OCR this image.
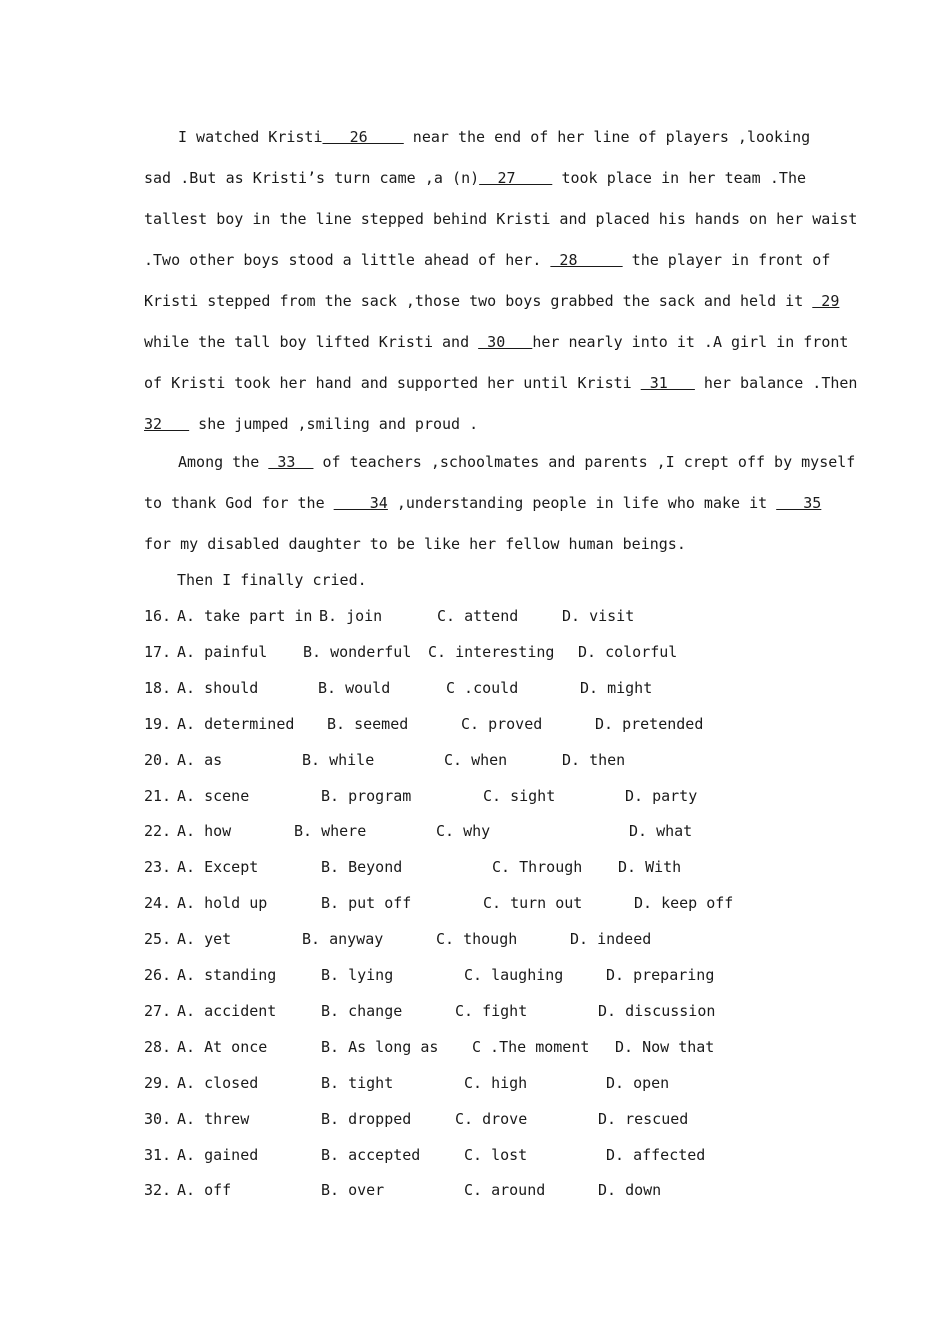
I watched Kristi   26     near the end of her line of players ,looking
sad .But as Kristi’s turn came ,a (n)  27     took place in her team .The
tallest boy in the line stepped behind Kristi and placed his hands on her waist
.Two other boys stood a little ahead of her.  28      the player in front of
Kristi stepped from the sack ,those two boys grabbed the sack and held it  29
while the tall boy lifted Kristi and  30   her nearly into it .A girl in front
of Kristi took her hand and supported her until Kristi  31    her balance .Then
32    she jumped ,smiling and proud .
Among the  33   of teachers ,schoolmates and parents ,I crept off by myself
to thank God for the     34 ,understanding people in life who make it    35
for my disabled daughter to be like her fellow human beings.
Then I finally cried.
16. A. take part in B. join	C. attend	D. visit
17. A. painful B. wonderful C. interesting D. colorful
18. A. should	B. would	C .could	D. might
19. A. determined B. seemed	C. proved	D. pretended
20. A. as	B. while	C. when	D. then
21. A. scene	B. program	C. sight	D. party
22. A. how	B. where	C. why	D. what
23. A. Except	B. Beyond	C. Through D. With
24. A. hold up	B. put off	C. turn out	D. keep off
25. A. yet	B. anyway	C. though	D. indeed
26. A. standing	B. lying	C. laughing	D. preparing
27. A. accident	B. change	C. fight	D. discussion
28. A. At once	B. As long as C .The moment D. Now that
29. A. closed	B. tight	C. high	D. open
30. A. threw	B. dropped	C. drove	D. rescued
31. A. gained	B. accepted	C. lost	D. affected
32. A. off	B. over	C. around	D. down
